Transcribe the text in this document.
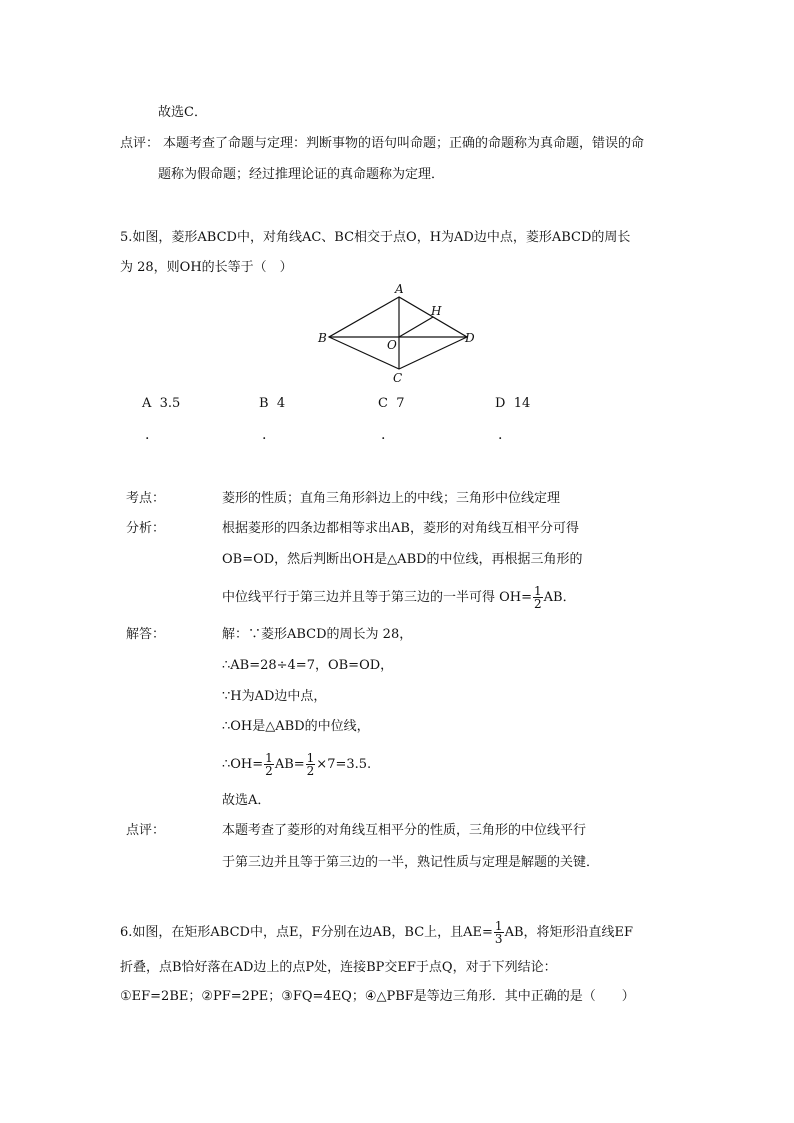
故选C．
点评： 本题考查了命题与定理：判断事物的语句叫命题；正确的命题称为真命题，错误的命
题称为假命题；经过推理论证的真命题称为定理．
5.如图，菱形ABCD中，对角线AC、BC相交于点O，H为AD边中点，菱形ABCD的周长
为 28，则OH的长等于（　）
A
B
C
D
H
O
A 3.5
.
B 4
.
C 7
.
D 14
.
考点：	菱形的性质；直角三角形斜边上的中线；三角形中位线定理
分析：	根据菱形的四条边都相等求出AB，菱形的对角线互相平分可得
OB=OD，然后判断出OH是△ABD的中位线，再根据三角形的
中位线平行于第三边并且等于第三边的一半可得 $OH= \frac{1}{2}$ AB．
解答：	解：∵菱形ABCD的周长为 28，
∴AB=28÷4=7，OB=OD，
∵H为AD边中点，
∴OH是△ABD的中位线，
∴OH= $\frac{1}{2} AB= \frac{1}{2} \times 7=3.5$.
故选A．
点评：	本题考查了菱形的对角线互相平分的性质，三角形的中位线平行
于第三边并且等于第三边的一半，熟记性质与定理是解题的关键．
6.如图，在矩形ABCD中，点E，F分别在边AB，BC上，且$AE= \frac{1}{3}$ AB，将矩形沿直线EF
折叠，点B恰好落在AD边上的点P处，连接BP交EF于点Q，对于下列结论：
①EF=2BE；②PF=2PE；③FQ=4EQ；④△PBF是等边三角形．其中正确的是（　　）
